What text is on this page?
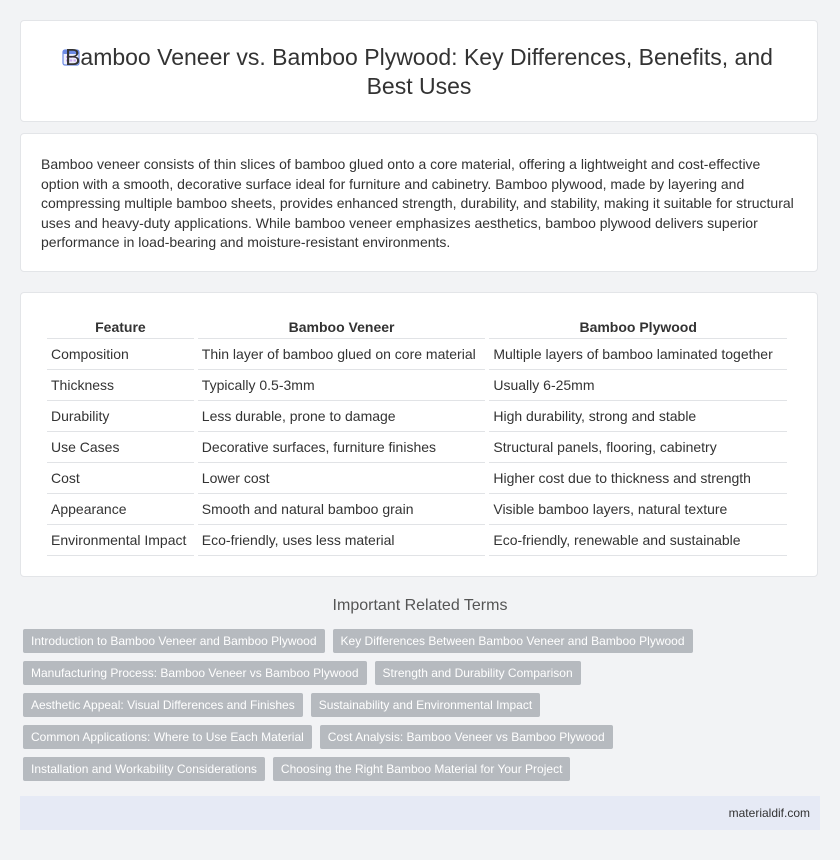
Bamboo Veneer vs. Bamboo Plywood: Key Differences, Benefits, and Best Uses

Bamboo veneer consists of thin slices of bamboo glued onto a core material, offering a lightweight and cost-effective option with a smooth, decorative surface ideal for furniture and cabinetry. Bamboo plywood, made by layering and compressing multiple bamboo sheets, provides enhanced strength, durability, and stability, making it suitable for structural uses and heavy-duty applications. While bamboo veneer emphasizes aesthetics, bamboo plywood delivers superior performance in load-bearing and moisture-resistant environments.

Feature	Bamboo Veneer	Bamboo Plywood
Composition	Thin layer of bamboo glued on core material	Multiple layers of bamboo laminated together
Thickness	Typically 0.5-3mm	Usually 6-25mm
Durability	Less durable, prone to damage	High durability, strong and stable
Use Cases	Decorative surfaces, furniture finishes	Structural panels, flooring, cabinetry
Cost	Lower cost	Higher cost due to thickness and strength
Appearance	Smooth and natural bamboo grain	Visible bamboo layers, natural texture
Environmental Impact	Eco-friendly, uses less material	Eco-friendly, renewable and sustainable
Important Related Terms
Introduction to Bamboo Veneer and Bamboo Plywood	Key Differences Between Bamboo Veneer and Bamboo Plywood
Manufacturing Process: Bamboo Veneer vs Bamboo Plywood	Strength and Durability Comparison
Aesthetic Appeal: Visual Differences and Finishes	Sustainability and Environmental Impact
Common Applications: Where to Use Each Material	Cost Analysis: Bamboo Veneer vs Bamboo Plywood
Installation and Workability Considerations	Choosing the Right Bamboo Material for Your Project
materialdif.com
